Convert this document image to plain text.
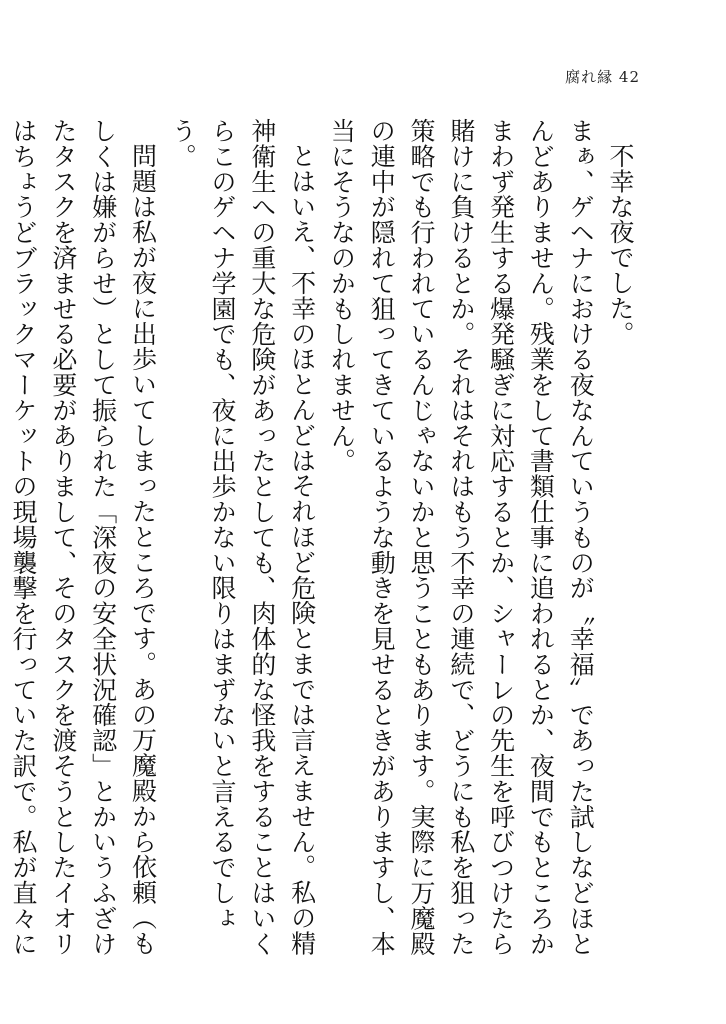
腐れ縁 42

不幸な夜でした。

まぁ、ゲヘナにおける夜なんていうものが〝幸福〟であった試しなどほとんどありません。残業をして書類仕事に追われるとか、夜間でもところかまわず発生する爆発騒ぎに対応するとか、シャーレの先生を呼びつけたら賭けに負けるとか。それはそれはもう不幸の連続で、どうにも私を狙った策略でも行われているんじゃないかと思うこともあります。実際に万魔殿の連中が隠れて狙ってきているような動きを見せるときがありますし、本当にそうなのかもしれません。

とはいえ、不幸のほとんどはそれほど危険とまでは言えません。私の精神衛生への重大な危険があったとしても、肉体的な怪我をすることはいくらこのゲヘナ学園でも、夜に出歩かない限りはまずないと言えるでしょう。

問題は私が夜に出歩いてしまったところです。あの万魔殿から依頼（もしくは嫌がらせ）として振られた「深夜の安全状況確認」とかいうふざけたタスクを済ませる必要がありまして、そのタスクを渡そうとしたイオリはちょうどブラックマーケットの現場襲撃を行っていた訳で。私が直々に
